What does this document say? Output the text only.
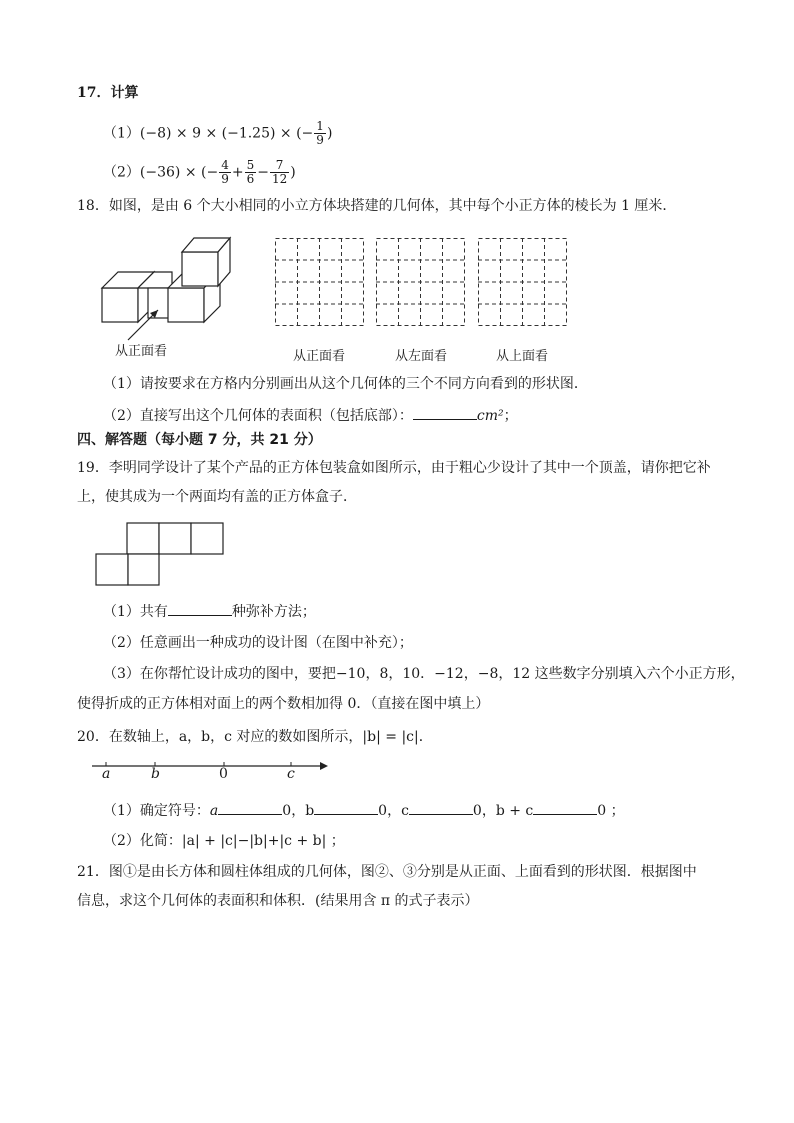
17．计算
（1）(−8) × 9 × (−1.25) × (− $\frac{1}{9}$ )
（2）(−36) × (− $\frac{4}{9} + \frac{5}{6} - \frac{7}{12}$ )
18．如图，是由 6 个大小相同的小立方体块搭建的几何体，其中每个小正方体的棱长为 1 厘米．
从正面看	从正面看	从左面看	从上面看
（1）请按要求在方格内分别画出从这个几何体的三个不同方向看到的形状图．
（2）直接写出这个几何体的表面积（包括底部）：	cm²；
四、解答题（每小题 7 分，共 21 分）
19．李明同学设计了某个产品的正方体包装盒如图所示，由于粗心少设计了其中一个顶盖，请你把它补
上，使其成为一个两面均有盖的正方体盒子．
（1）共有	种弥补方法；
（2）任意画出一种成功的设计图（在图中补充）；
（3）在你帮忙设计成功的图中，要把−10，8，10．−12，−8，12 这些数字分别填入六个小正方形，
使得折成的正方体相对面上的两个数相加得 0．（直接在图中填上）
20．在数轴上，a，b，c 对应的数如图所示，|b| = |c|．
a	b	0	c
（1）确定符号：a	0，b	0，c	0，b + c	0 ；
（2）化简：|a| + |c|−|b|+|c + b| ；
21．图①是由长方体和圆柱体组成的几何体，图②、③分别是从正面、上面看到的形状图．根据图中
信息，求这个几何体的表面积和体积．(结果用含 π 的式子表示）
